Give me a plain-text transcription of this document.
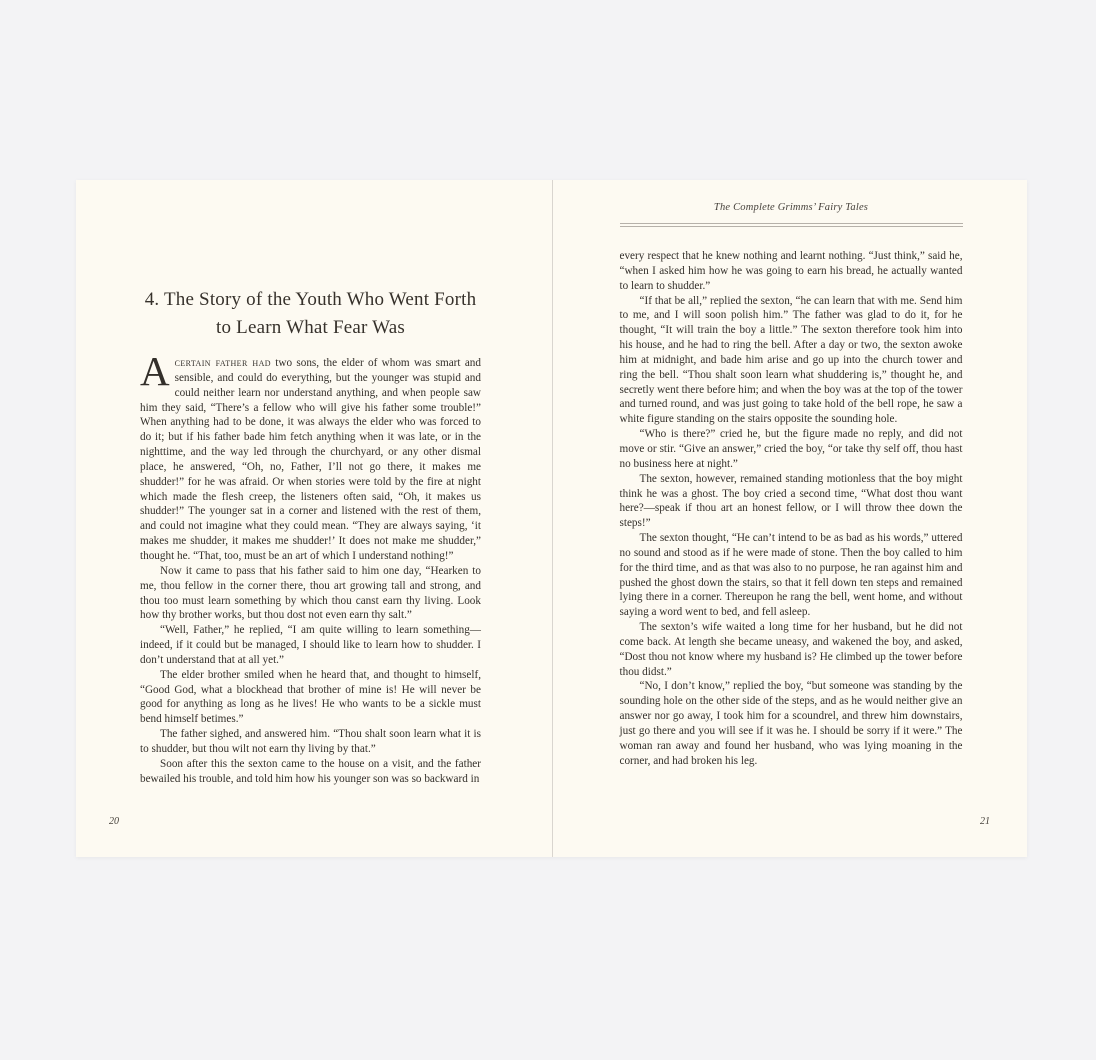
4. The Story of the Youth Who Went Forth
to Learn What Fear Was

Acertain father had two sons, the elder of whom was smart and sensible, and could do everything, but the younger was stupid and could neither learn nor understand anything, and when people saw him they said, “There’s a fellow who will give his father some trouble!” When anything had to be done, it was always the elder who was forced to do it; but if his father bade him fetch anything when it was late, or in the nighttime, and the way led through the churchyard, or any other dismal place, he answered, “Oh, no, Father, I’ll not go there, it makes me shudder!” for he was afraid. Or when stories were told by the fire at night which made the flesh creep, the listeners often said, “Oh, it makes us shudder!” The younger sat in a corner and listened with the rest of them, and could not imagine what they could mean. “They are always saying, ‘it makes me shudder, it makes me shudder!’ It does not make me shudder,” thought he. “That, too, must be an art of which I understand nothing!”

Now it came to pass that his father said to him one day, “Hearken to me, thou fellow in the corner there, thou art growing tall and strong, and thou too must learn something by which thou canst earn thy living. Look how thy brother works, but thou dost not even earn thy salt.”

“Well, Father,” he replied, “I am quite willing to learn something—indeed, if it could but be managed, I should like to learn how to shudder. I don’t understand that at all yet.”

The elder brother smiled when he heard that, and thought to himself, “Good God, what a blockhead that brother of mine is! He will never be good for anything as long as he lives! He who wants to be a sickle must bend himself betimes.”

The father sighed, and answered him. “Thou shalt soon learn what it is to shudder, but thou wilt not earn thy living by that.”

Soon after this the sexton came to the house on a visit, and the father bewailed his trouble, and told him how his younger son was so backward in

20
The Complete Grimms’ Fairy Tales

every respect that he knew nothing and learnt nothing. “Just think,” said he, “when I asked him how he was going to earn his bread, he actually wanted to learn to shudder.”

“If that be all,” replied the sexton, “he can learn that with me. Send him to me, and I will soon polish him.” The father was glad to do it, for he thought, “It will train the boy a little.” The sexton therefore took him into his house, and he had to ring the bell. After a day or two, the sexton awoke him at midnight, and bade him arise and go up into the church tower and ring the bell. “Thou shalt soon learn what shuddering is,” thought he, and secretly went there before him; and when the boy was at the top of the tower and turned round, and was just going to take hold of the bell rope, he saw a white figure standing on the stairs opposite the sounding hole.

“Who is there?” cried he, but the figure made no reply, and did not move or stir. “Give an answer,” cried the boy, “or take thy self off, thou hast no business here at night.”

The sexton, however, remained standing motionless that the boy might think he was a ghost. The boy cried a second time, “What dost thou want here?—speak if thou art an honest fellow, or I will throw thee down the steps!”

The sexton thought, “He can’t intend to be as bad as his words,” uttered no sound and stood as if he were made of stone. Then the boy called to him for the third time, and as that was also to no purpose, he ran against him and pushed the ghost down the stairs, so that it fell down ten steps and remained lying there in a corner. Thereupon he rang the bell, went home, and without saying a word went to bed, and fell asleep.

The sexton’s wife waited a long time for her husband, but he did not come back. At length she became uneasy, and wakened the boy, and asked, “Dost thou not know where my husband is? He climbed up the tower before thou didst.”

“No, I don’t know,” replied the boy, “but someone was standing by the sounding hole on the other side of the steps, and as he would neither give an answer nor go away, I took him for a scoundrel, and threw him downstairs, just go there and you will see if it was he. I should be sorry if it were.” The woman ran away and found her husband, who was lying moaning in the corner, and had broken his leg.

21
